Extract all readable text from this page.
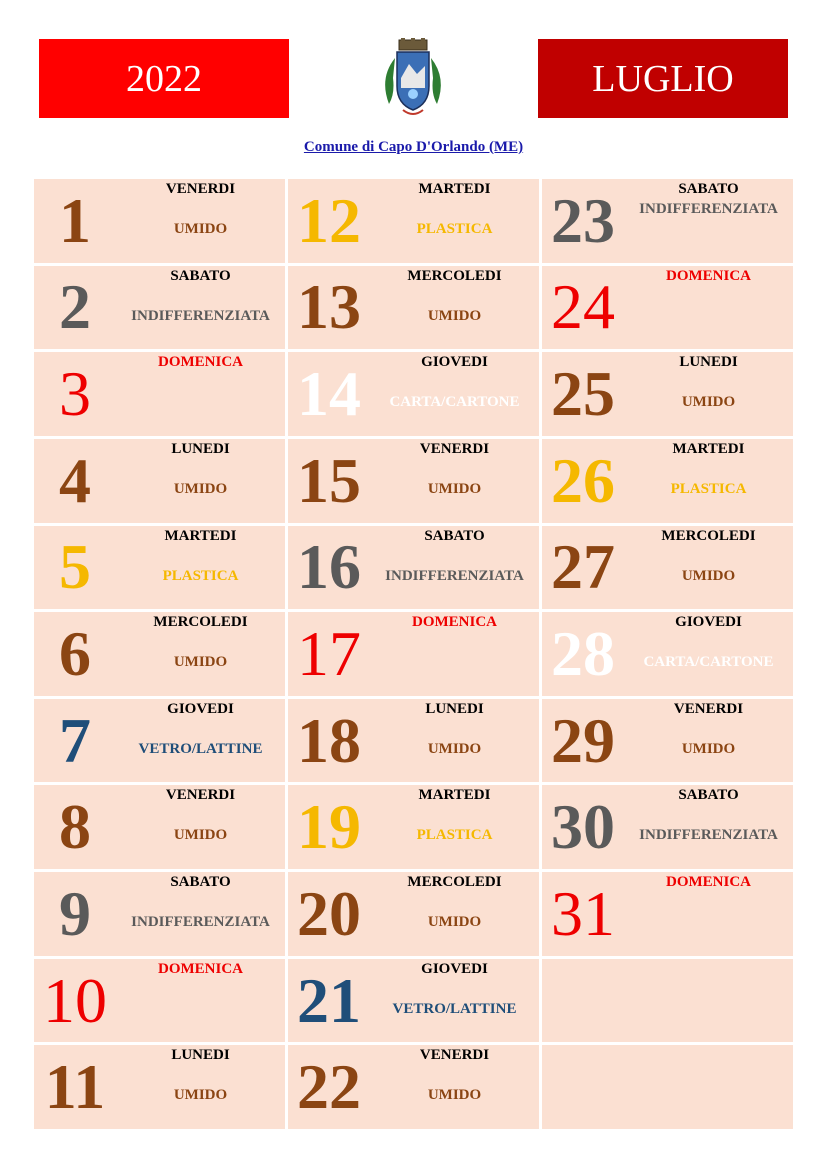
2022	LUGLIO
Comune di Capo D'Orlando (ME)
1	VENERDI
UMIDO
2	SABATO
INDIFFERENZIATA
3	DOMENICA
4	LUNEDI
UMIDO
5	MARTEDI
PLASTICA
6	MERCOLEDI
UMIDO
7	GIOVEDI
VETRO/LATTINE
8	VENERDI
UMIDO
9	SABATO
INDIFFERENZIATA
10	DOMENICA
11	LUNEDI
UMIDO
12	MARTEDI
PLASTICA
13	MERCOLEDI
UMIDO
14	GIOVEDI
CARTA/CARTONE
15	VENERDI
UMIDO
16	SABATO
INDIFFERENZIATA
17	DOMENICA
18	LUNEDI
UMIDO
19	MARTEDI
PLASTICA
20	MERCOLEDI
UMIDO
21	GIOVEDI
VETRO/LATTINE
22	VENERDI
UMIDO
23	SABATO
INDIFFERENZIATA
24	DOMENICA
25	LUNEDI
UMIDO
26	MARTEDI
PLASTICA
27	MERCOLEDI
UMIDO
28	GIOVEDI
CARTA/CARTONE
29	VENERDI
UMIDO
30	SABATO
INDIFFERENZIATA
31	DOMENICA
